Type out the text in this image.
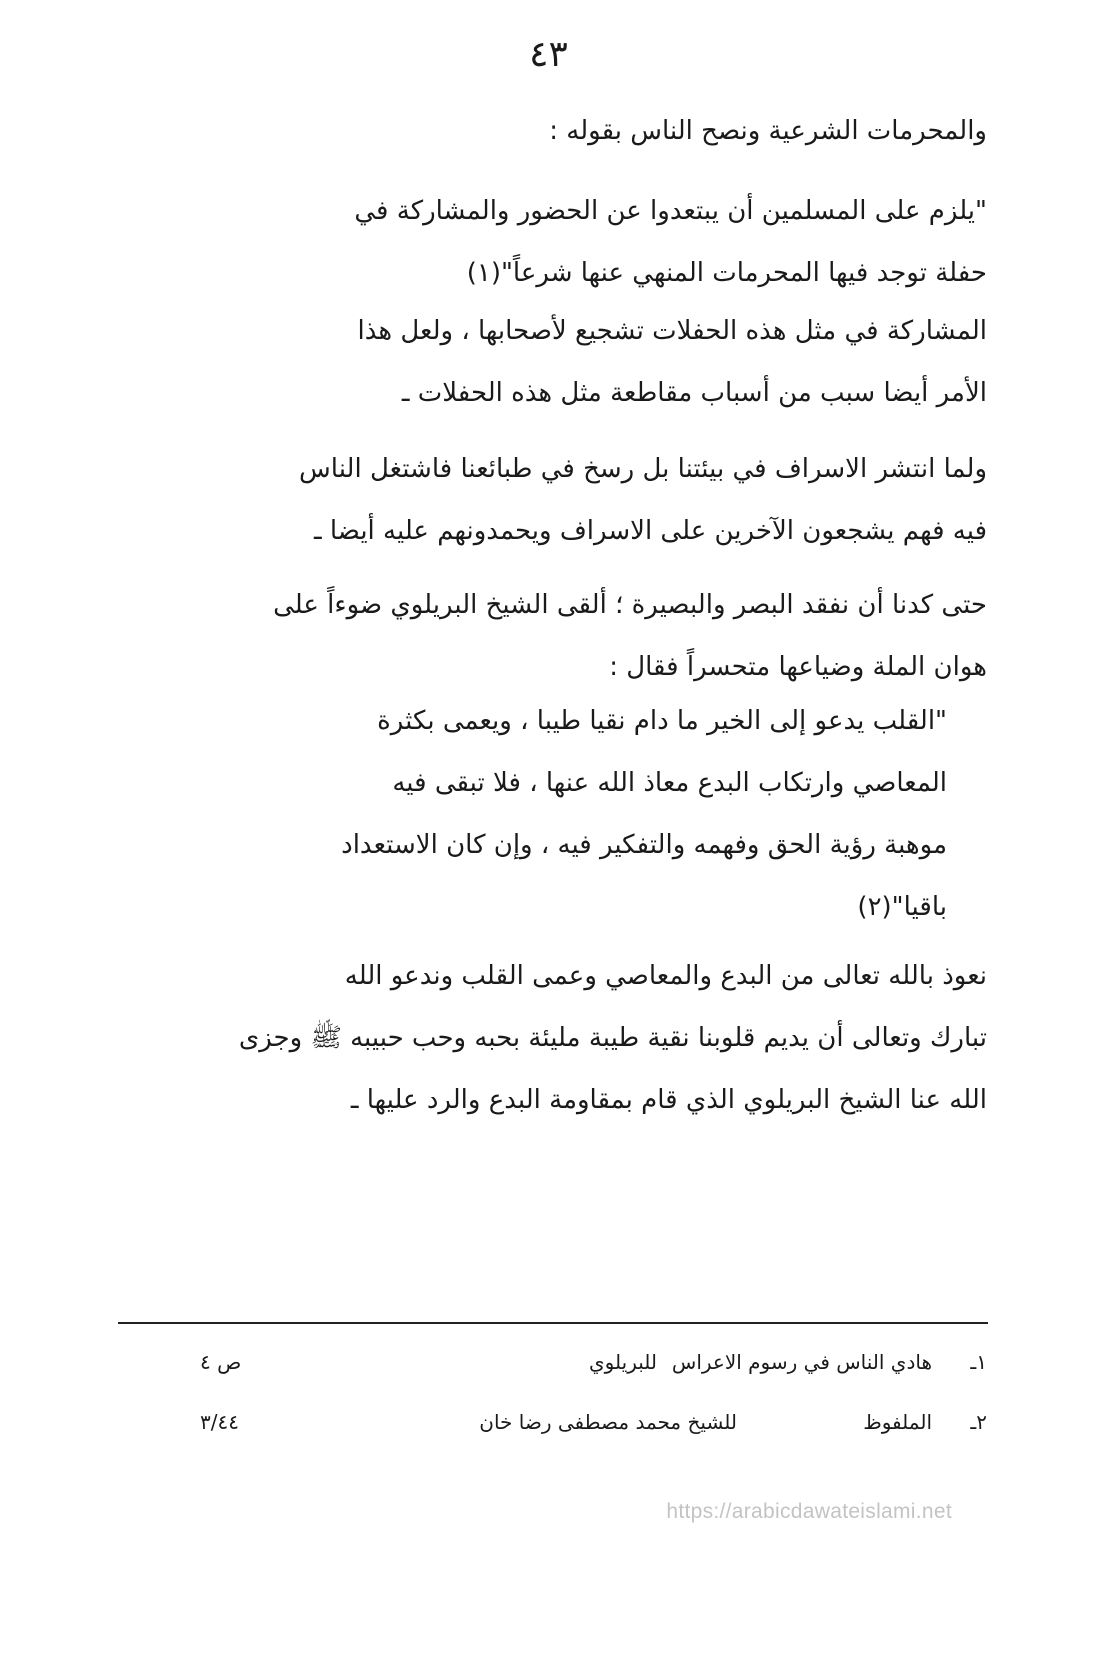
٤٣
والمحرمات الشرعية ونصح الناس بقوله :
"يلزم على المسلمين أن يبتعدوا عن الحضور والمشاركة في
حفلة توجد فيها المحرمات المنهي عنها شرعاً"(١)
المشاركة في مثل هذه الحفلات تشجيع لأصحابها ، ولعل هذا
الأمر أيضا سبب من أسباب مقاطعة مثل هذه الحفلات ـ
ولما انتشر الاسراف في بيئتنا بل رسخ في طبائعنا فاشتغل الناس
فيه فهم يشجعون الآخرين على الاسراف ويحمدونهم عليه أيضا ـ
حتى كدنا أن نفقد البصر والبصيرة ؛ ألقى الشيخ البريلوي ضوءاً على
هوان الملة وضياعها متحسراً فقال :
"القلب يدعو إلى الخير ما دام نقيا طيبا ، ويعمى بكثرة
المعاصي وارتكاب البدع معاذ الله عنها ، فلا تبقى فيه
موهبة رؤية الحق وفهمه والتفكير فيه ، وإن كان الاستعداد
باقيا"(٢)
نعوذ بالله تعالى من البدع والمعاصي وعمى القلب وندعو الله
تبارك وتعالى أن يديم قلوبنا نقية طيبة مليئة بحبه وحب حبيبه ﷺ وجزى
الله عنا الشيخ البريلوي الذي قام بمقاومة البدع والرد عليها ـ
١ـ
هادي الناس في رسوم الاعراس
للبريلوي
ص ٤
٢ـ
الملفوظ
للشيخ محمد مصطفى رضا خان
٣/٤٤
https://arabicdawateislami.net
